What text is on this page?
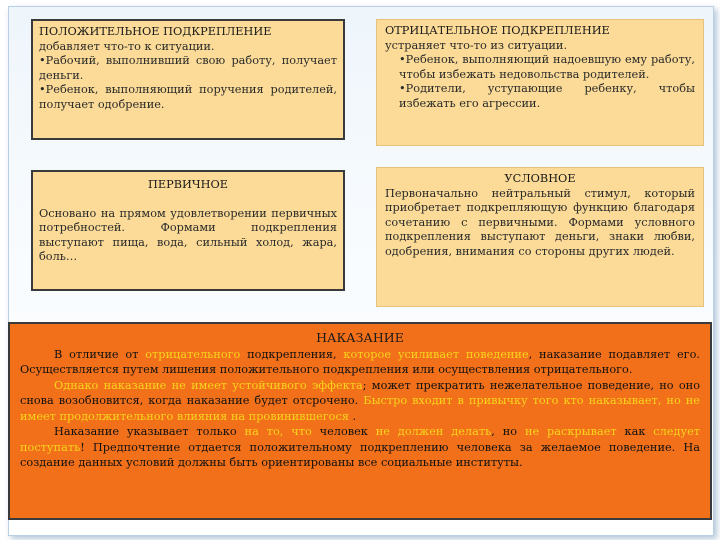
ПОЛОЖИТЕЛЬНОЕ ПОДКРЕПЛЕНИЕ
добавляет что-то к ситуации.
•Рабочий, выполнивший свою работу, получает деньги.
•Ребенок, выполняющий поручения родителей, получает одобрение.
ОТРИЦАТЕЛЬНОЕ ПОДКРЕПЛЕНИЕ
устраняет что-то из ситуации.
•Ребенок, выполняющий надоевшую ему работу, чтобы избежать недовольства родителей.
•Родители, уступающие ребенку, чтобы избежать его агрессии.
ПЕРВИЧНОЕ
Основано на прямом удовлетворении первичных потребностей. Формами подкрепления выступают пища, вода, сильный холод, жара, боль…
УСЛОВНОЕ
Первоначально нейтральный стимул, который приобретает подкрепляющую функцию благодаря сочетанию с первичными. Формами условного подкрепления выступают деньги, знаки любви, одобрения, внимания со стороны других людей.
НАКАЗАНИЕ
В отличие от отрицательного подкрепления, которое усиливает поведение, наказание подавляет его. Осуществляется путем лишения положительного подкрепления или осуществления отрицательного.
Однако наказание не имеет устойчивого эффекта; может прекратить нежелательное поведение, но оно снова возобновится, когда наказание будет отсрочено. Быстро входит в привычку того кто наказывает, но не имеет продолжительного влияния на провинившегося .
Наказание указывает только на то, что человек не должен делать, но не раскрывает как следует поступать! Предпочтение отдается положительному подкреплению человека за желаемое поведение. На создание данных условий должны быть ориентированы все социальные институты.
